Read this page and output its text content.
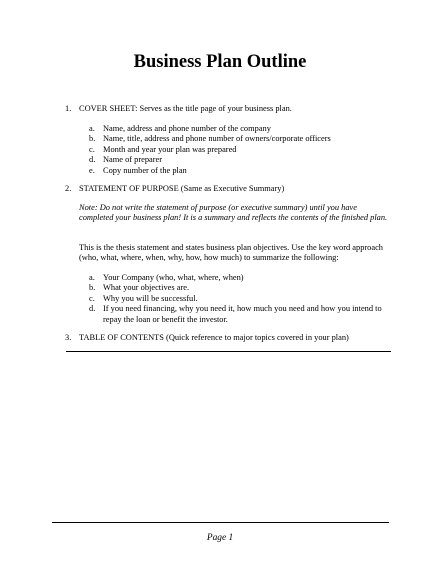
Business Plan Outline
1. COVER SHEET: Serves as the title page of your business plan.
a. Name, address and phone number of the company
b. Name, title, address and phone number of owners/corporate officers
c. Month and year your plan was prepared
d. Name of preparer
e. Copy number of the plan
2. STATEMENT OF PURPOSE (Same as Executive Summary)
Note: Do not write the statement of purpose (or executive summary) until you have completed your business plan! It is a summary and reflects the contents of the finished plan.
This is the thesis statement and states business plan objectives. Use the key word approach (who, what, where, when, why, how, how much) to summarize the following:
a. Your Company (who, what, where, when)
b. What your objectives are.
c. Why you will be successful.
d. If you need financing, why you need it, how much you need and how you intend to repay the loan or benefit the investor.
3. TABLE OF CONTENTS (Quick reference to major topics covered in your plan)
Page 1
